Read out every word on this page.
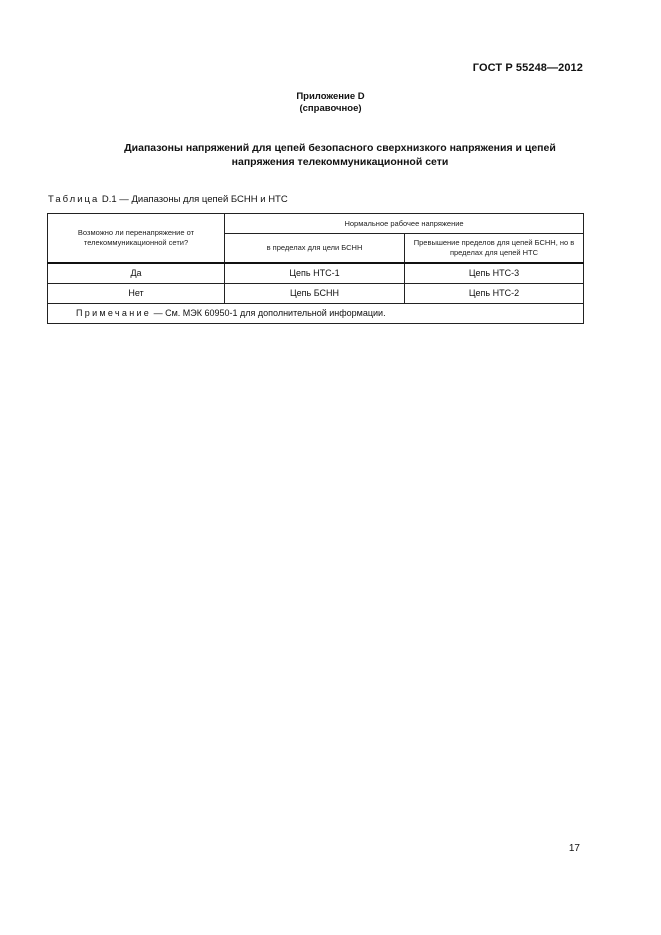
ГОСТ Р 55248—2012
Приложение D
(справочное)
Диапазоны напряжений для цепей безопасного сверхнизкого напряжения и цепей
напряжения телекоммуникационной сети
Таблица D.1 — Диапазоны для цепей БСНН и НТС
Возможно ли перенапряжение от телекоммуникационной сети?	Нормальное рабочее напряжение	
	в пределах для цели БСНН	Превышение пределов для цепей БСНН, но в пределах для цепей НТС
Да	Цепь НТС-1	Цепь НТС-3
Нет	Цепь БСНН	Цепь НТС-2
Примечание — См. МЭК 60950-1 для дополнительной информации.		
17
